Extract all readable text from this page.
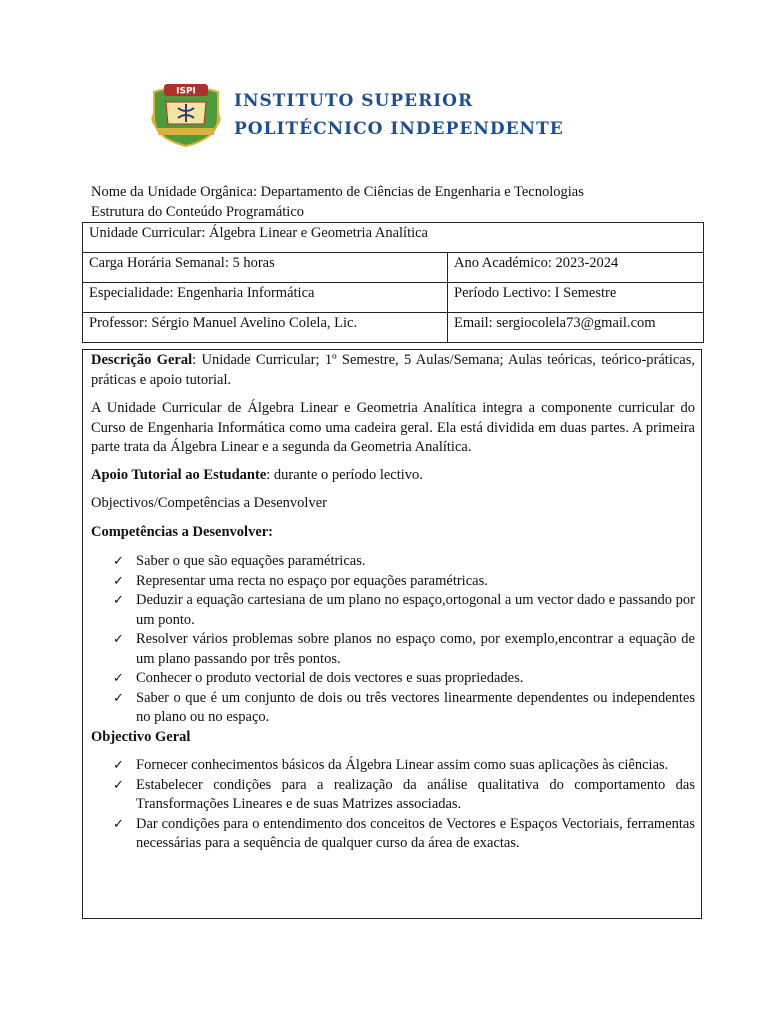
ISPI INSTITUTO SUPERIOR
POLITÉCNICO INDEPENDENTE
Nome da Unidade Orgânica: Departamento de Ciências de Engenharia e Tecnologias
Estrutura do Conteúdo Programático
Unidade Curricular: Álgebra Linear e Geometria Analítica	
Carga Horária Semanal: 5 horas	Ano Académico: 2023-2024
Especialidade: Engenharia Informática	Período Lectivo: I Semestre
Professor: Sérgio Manuel Avelino Colela, Lic.	Email: sergiocolela73@gmail.com

Descrição Geral: Unidade Curricular; 1º Semestre, 5 Aulas/Semana; Aulas teóricas, teórico-práticas, práticas e apoio tutorial.

A Unidade Curricular de Álgebra Linear e Geometria Analítica integra a componente curricular do Curso de Engenharia Informática como uma cadeira geral. Ela está dividida em duas partes. A primeira parte trata da Álgebra Linear e a segunda da Geometria Analítica.

Apoio Tutorial ao Estudante: durante o período lectivo.

Objectivos/Competências a Desenvolver

Competências a Desenvolver:

✓ Saber o que são equações paramétricas.
✓ Representar uma recta no espaço por equações paramétricas.
✓ Deduzir a equação cartesiana de um plano no espaço,ortogonal a um vector dado e passando por um ponto.
✓ Resolver vários problemas sobre planos no espaço como, por exemplo,encontrar a equação de um plano passando por três pontos.
✓ Conhecer o produto vectorial de dois vectores e suas propriedades.
✓ Saber o que é um conjunto de dois ou três vectores linearmente dependentes ou independentes no plano ou no espaço.

Objectivo Geral

✓ Fornecer conhecimentos básicos da Álgebra Linear assim como suas aplicações às ciências.
✓ Estabelecer condições para a realização da análise qualitativa do comportamento das Transformações Lineares e de suas Matrizes associadas.
✓ Dar condições para o entendimento dos conceitos de Vectores e Espaços Vectoriais, ferramentas necessárias para a sequência de qualquer curso da área de exactas.
